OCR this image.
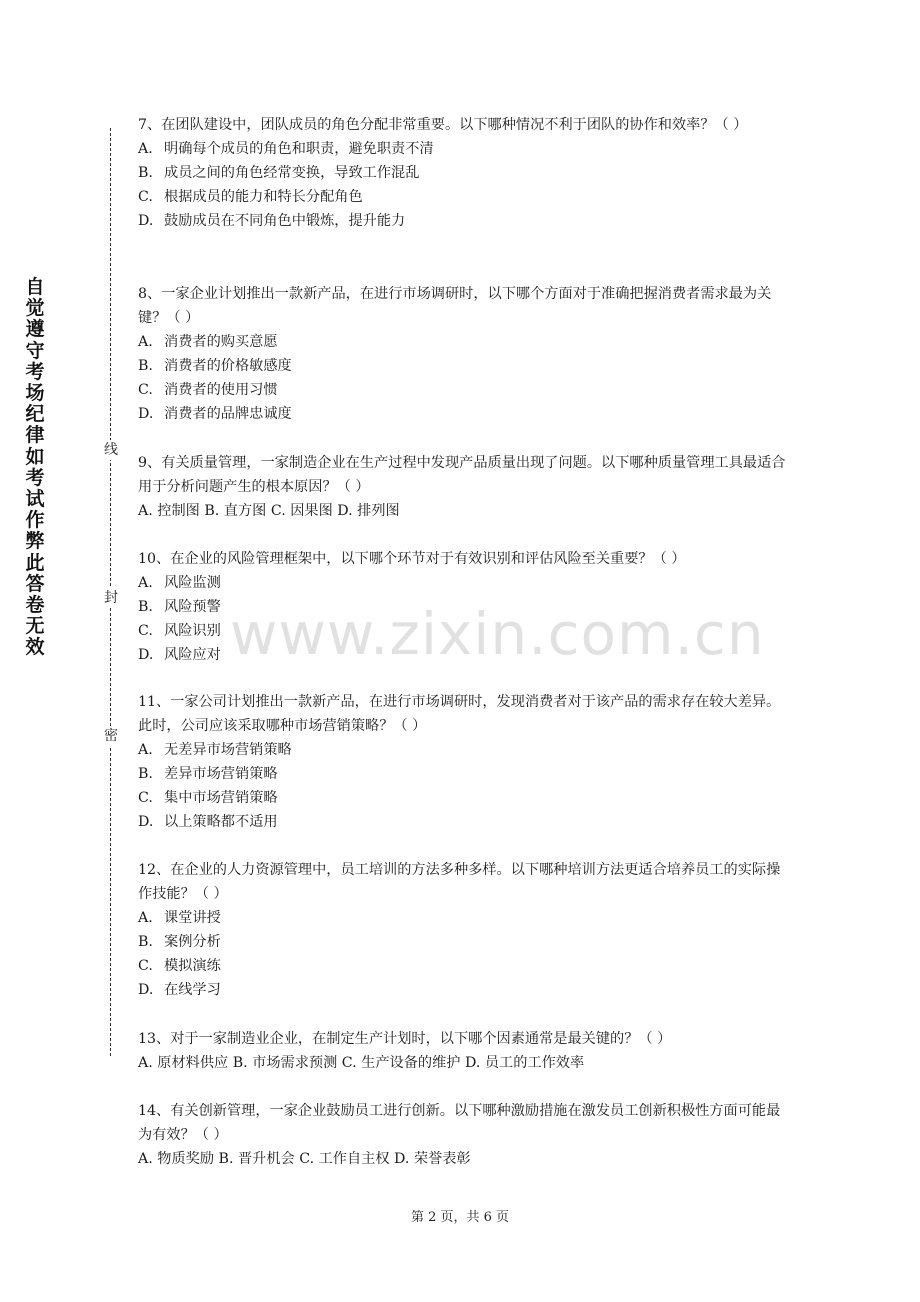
自觉遵守考场纪律如考试作弊此答卷无效
线
封
密

7、在团队建设中，团队成员的角色分配非常重要。以下哪种情况不利于团队的协作和效率？（ ）

A. 明确每个成员的角色和职责，避免职责不清

B. 成员之间的角色经常变换，导致工作混乱

C. 根据成员的能力和特长分配角色

D. 鼓励成员在不同角色中锻炼，提升能力

8、一家企业计划推出一款新产品，在进行市场调研时，以下哪个方面对于准确把握消费者需求最为关键？（ ）

A. 消费者的购买意愿

B. 消费者的价格敏感度

C. 消费者的使用习惯

D. 消费者的品牌忠诚度

9、有关质量管理，一家制造企业在生产过程中发现产品质量出现了问题。以下哪种质量管理工具最适合用于分析问题产生的根本原因？（ ）

A. 控制图 B. 直方图 C. 因果图 D. 排列图

10、在企业的风险管理框架中，以下哪个环节对于有效识别和评估风险至关重要？（ ）

A. 风险监测

B. 风险预警

C. 风险识别

D. 风险应对

11、一家公司计划推出一款新产品，在进行市场调研时，发现消费者对于该产品的需求存在较大差异。此时，公司应该采取哪种市场营销策略？（ ）

A. 无差异市场营销策略

B. 差异市场营销策略

C. 集中市场营销策略

D. 以上策略都不适用

12、在企业的人力资源管理中，员工培训的方法多种多样。以下哪种培训方法更适合培养员工的实际操作技能？（ ）

A. 课堂讲授

B. 案例分析

C. 模拟演练

D. 在线学习

13、对于一家制造业企业，在制定生产计划时，以下哪个因素通常是最关键的？（ ）

A. 原材料供应 B. 市场需求预测 C. 生产设备的维护 D. 员工的工作效率

14、有关创新管理，一家企业鼓励员工进行创新。以下哪种激励措施在激发员工创新积极性方面可能最为有效？（ ）

A. 物质奖励 B. 晋升机会 C. 工作自主权 D. 荣誉表彰

www.zixin.com.cn
第 2 页，共 6 页
